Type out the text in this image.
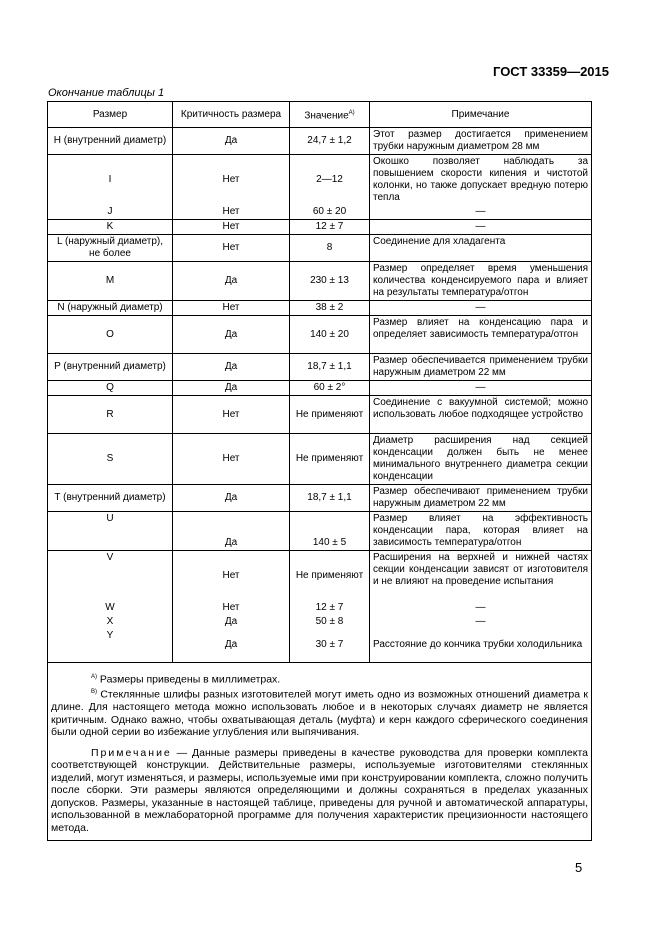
ГОСТ 33359—2015
Окончание таблицы 1
Размер	Критичность размера	Значение$^{А)}$	Примечание
H (внутренний диаметр)	Да	24,7 ± 1,2	Этот размер достигается применением трубки наружным диаметром 28 мм
I	Нет	2—12	Окошко позволяет наблюдать за повышением скорости кипения и чистотой колонки, но также допускает вредную потерю тепла
J	Нет	60 ± 20	—
K	Нет	12 ± 7	—
L (наружный диаметр), не более	Нет	8	Соединение для хладагента
M	Да	230 ± 13	Размер определяет время уменьшения количества конденсируемого пара и влияет на результаты температура/отгон
N (наружный диаметр)	Нет	38 ± 2	—
O	Да	140 ± 20	Размер влияет на конденсацию пара и определяет зависимость температура/отгон
P (внутренний диаметр)	Да	18,7 ± 1,1	Размер обеспечивается применением трубки наружным диаметром 22 мм
Q	Да	60 ± 2°	—
R	Нет	Не применяют	Соединение с вакуумной системой; можно использовать любое подходящее устройство
S	Нет	Не применяют	Диаметр расширения над секцией конденсации должен быть не менее минимального внутреннего диаметра секции конденсации
T (внутренний диаметр)	Да	18,7 ± 1,1	Размер обеспечивают применением трубки наружным диаметром 22 мм
U	Да	140 ± 5	Размер влияет на эффективность конденсации пара, которая влияет на зависимость температура/отгон
V	Нет	Не применяют	Расширения на верхней и нижней частях секции конденсации зависят от изготовителя и не влияют на проведение испытания
W	Нет	12 ± 7	—
X	Да	50 ± 8	—
Y	Да	30 ± 7	Расстояние до кончика трубки холодильника

$^{А)}$ Размеры приведены в миллиметрах.
$^{В)}$ Стеклянные шлифы разных изготовителей могут иметь одно из возможных отношений диаметра к длине. Для настоящего метода можно использовать любое и в некоторых случаях диаметр не является критичным. Однако важно, чтобы охватывающая деталь (муфта) и керн каждого сферического соединения были одной серии во избежание углубления или выпячивания.
Примечание — Данные размеры приведены в качестве руководства для проверки комплекта соответствующей конструкции. Действительные размеры, используемые изготовителями стеклянных изделий, могут изменяться, и размеры, используемые ими при конструировании комплекта, сложно получить после сборки. Эти размеры являются определяющими и должны сохраняться в пределах указанных допусков. Размеры, указанные в настоящей таблице, приведены для ручной и автоматической аппаратуры, использованной в межлабораторной программе для получения характеристик прецизионности настоящего метода.			
5
